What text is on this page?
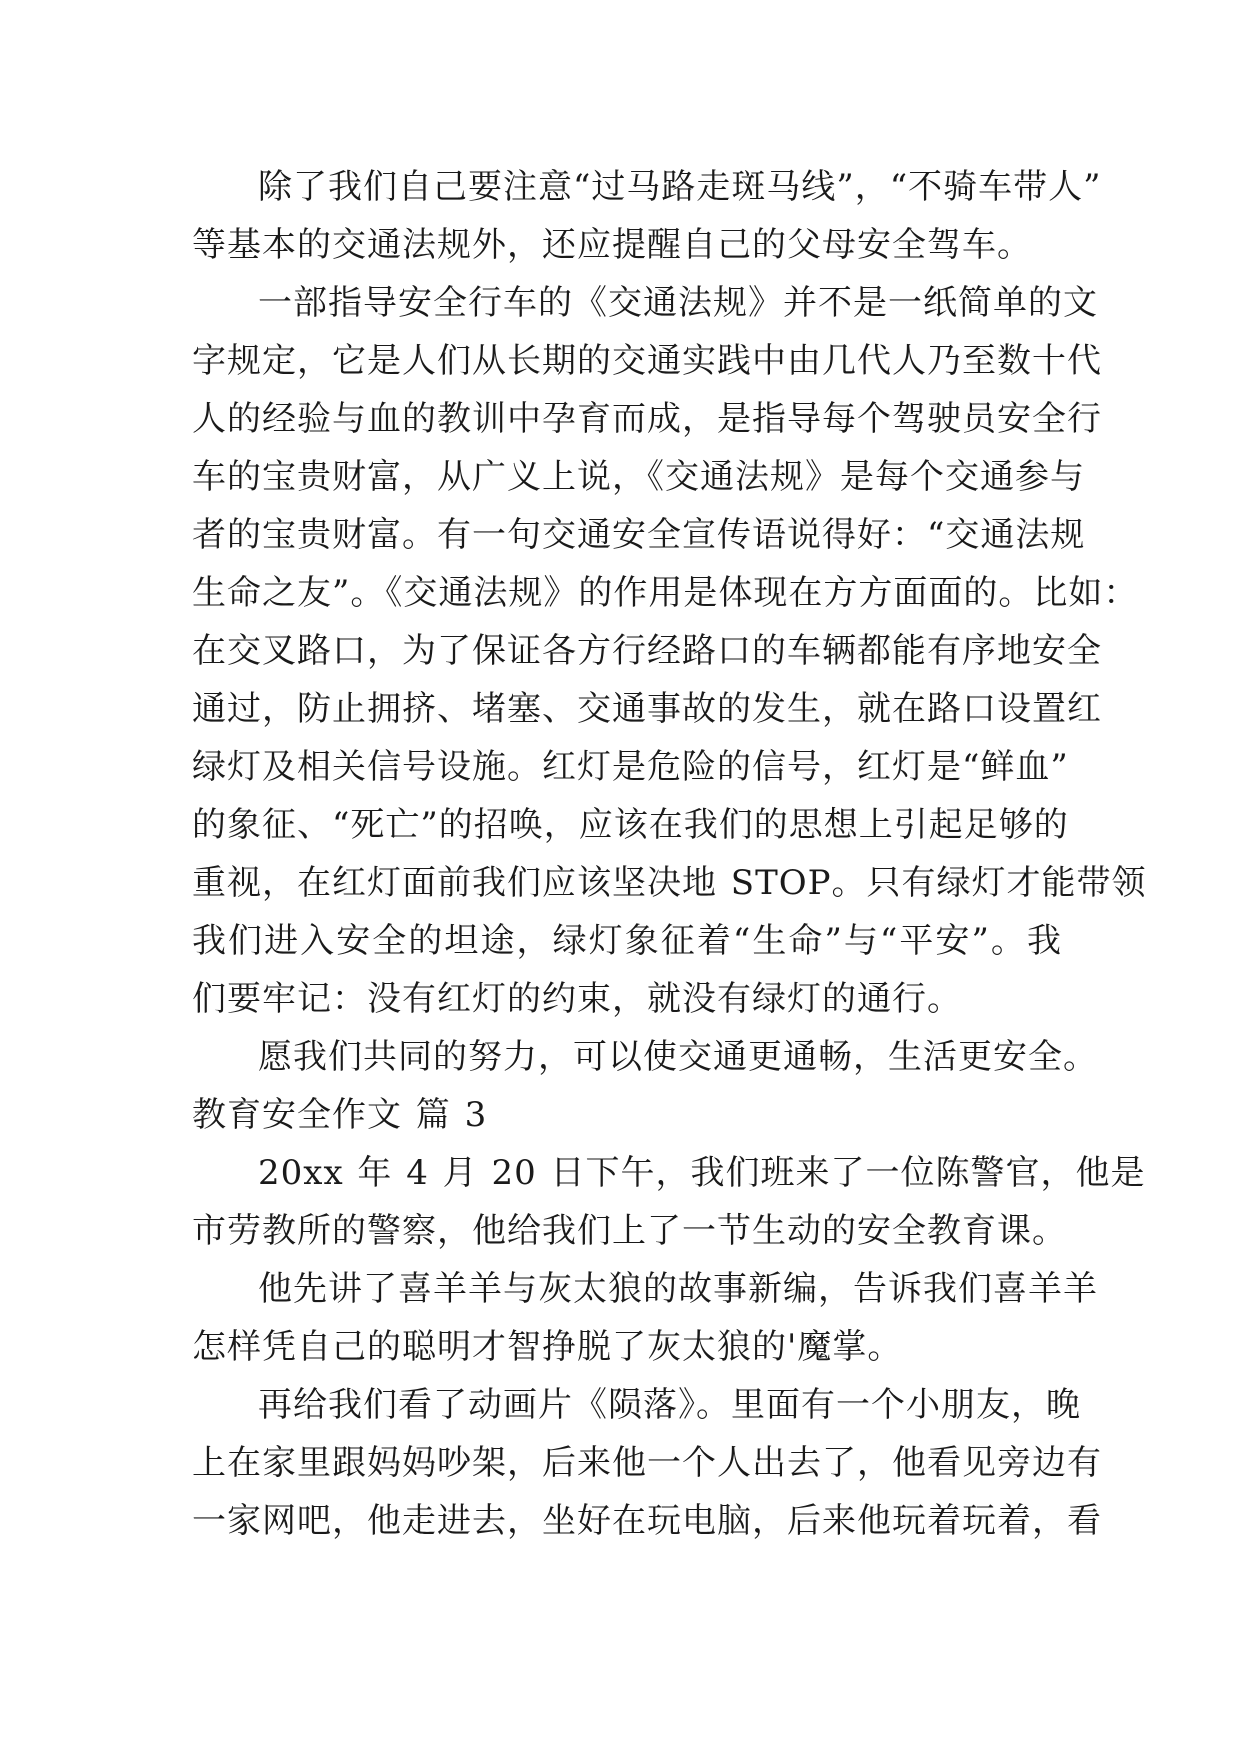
除了我们自己要注意“过马路走斑马线”，“不骑车带人”
等基本的交通法规外，还应提醒自己的父母安全驾车。
一部指导安全行车的《交通法规》并不是一纸简单的文
字规定，它是人们从长期的交通实践中由几代人乃至数十代
人的经验与血的教训中孕育而成，是指导每个驾驶员安全行
车的宝贵财富，从广义上说，《交通法规》是每个交通参与
者的宝贵财富。有一句交通安全宣传语说得好：“交通法规
生命之友”。《交通法规》的作用是体现在方方面面的。比如：
在交叉路口，为了保证各方行经路口的车辆都能有序地安全
通过，防止拥挤、堵塞、交通事故的发生，就在路口设置红
绿灯及相关信号设施。红灯是危险的信号，红灯是“鲜血”
的象征、“死亡”的招唤，应该在我们的思想上引起足够的
重视，在红灯面前我们应该坚决地 STOP。只有绿灯才能带领
我们进入安全的坦途，绿灯象征着“生命”与“平安”。我
们要牢记：没有红灯的约束，就没有绿灯的通行。
愿我们共同的努力，可以使交通更通畅，生活更安全。
教育安全作文 篇 3
20xx 年 4 月 20 日下午，我们班来了一位陈警官，他是
市劳教所的警察，他给我们上了一节生动的安全教育课。
他先讲了喜羊羊与灰太狼的故事新编，告诉我们喜羊羊
怎样凭自己的聪明才智挣脱了灰太狼的'魔掌。
再给我们看了动画片《陨落》。里面有一个小朋友，晚
上在家里跟妈妈吵架，后来他一个人出去了，他看见旁边有
一家网吧，他走进去，坐好在玩电脑，后来他玩着玩着，看
